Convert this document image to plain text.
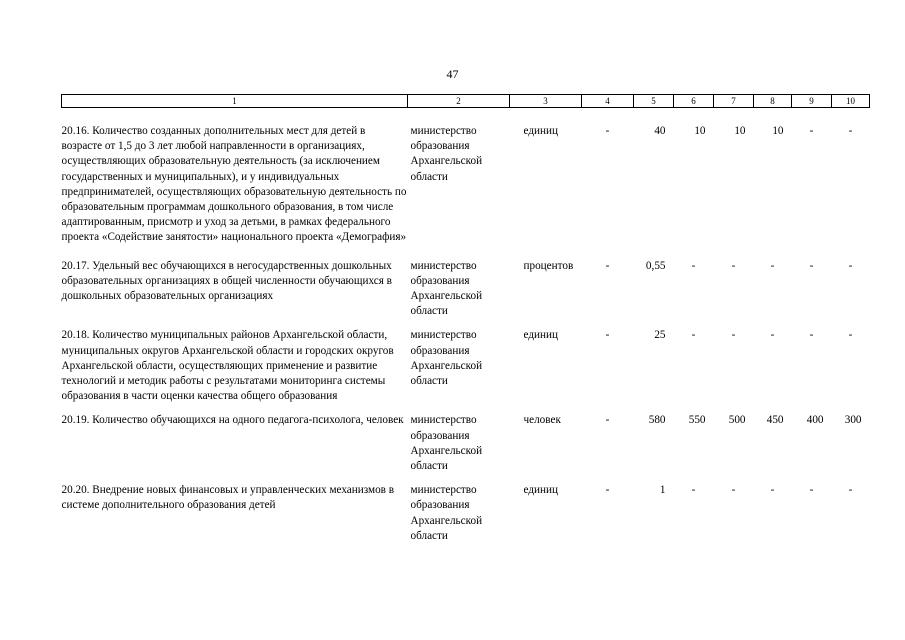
47
1	2	3	4	5	6	7	8	9	10
20.16. Количество созданных дополнительных мест для детей в возрасте от 1,5 до 3 лет любой направленности в организациях, осуществляющих образовательную деятельность (за исключением государственных и муниципальных), и у индивидуальных предпринимателей, осуществляющих образовательную деятельность по образовательным программам дошкольного образования, в том числе адаптированным, присмотр и уход за детьми, в рамках федерального проекта «Содействие занятости» национального проекта «Демография»	министерство образования Архангельской области	единиц	-	40	10	10	10	-	-
20.17. Удельный вес обучающихся в негосударственных дошкольных образовательных организациях в общей численности обучающихся в дошкольных образовательных организациях	министерство образования Архангельской области	процентов	-	0,55	-	-	-	-	-
20.18. Количество муниципальных районов Архангельской области, муниципальных округов Архангельской области и городских округов Архангельской области, осуществляющих применение и развитие технологий и методик работы с результатами мониторинга системы образования в части оценки качества общего образования	министерство образования Архангельской области	единиц	-	25	-	-	-	-	-
20.19. Количество обучающихся на одного педагога-психолога, человек	министерство образования Архангельской области	человек	-	580	550	500	450	400	300
20.20. Внедрение новых финансовых и управленческих механизмов в системе дополнительного образования детей	министерство образования Архангельской области	единиц	-	1	-	-	-	-	-
